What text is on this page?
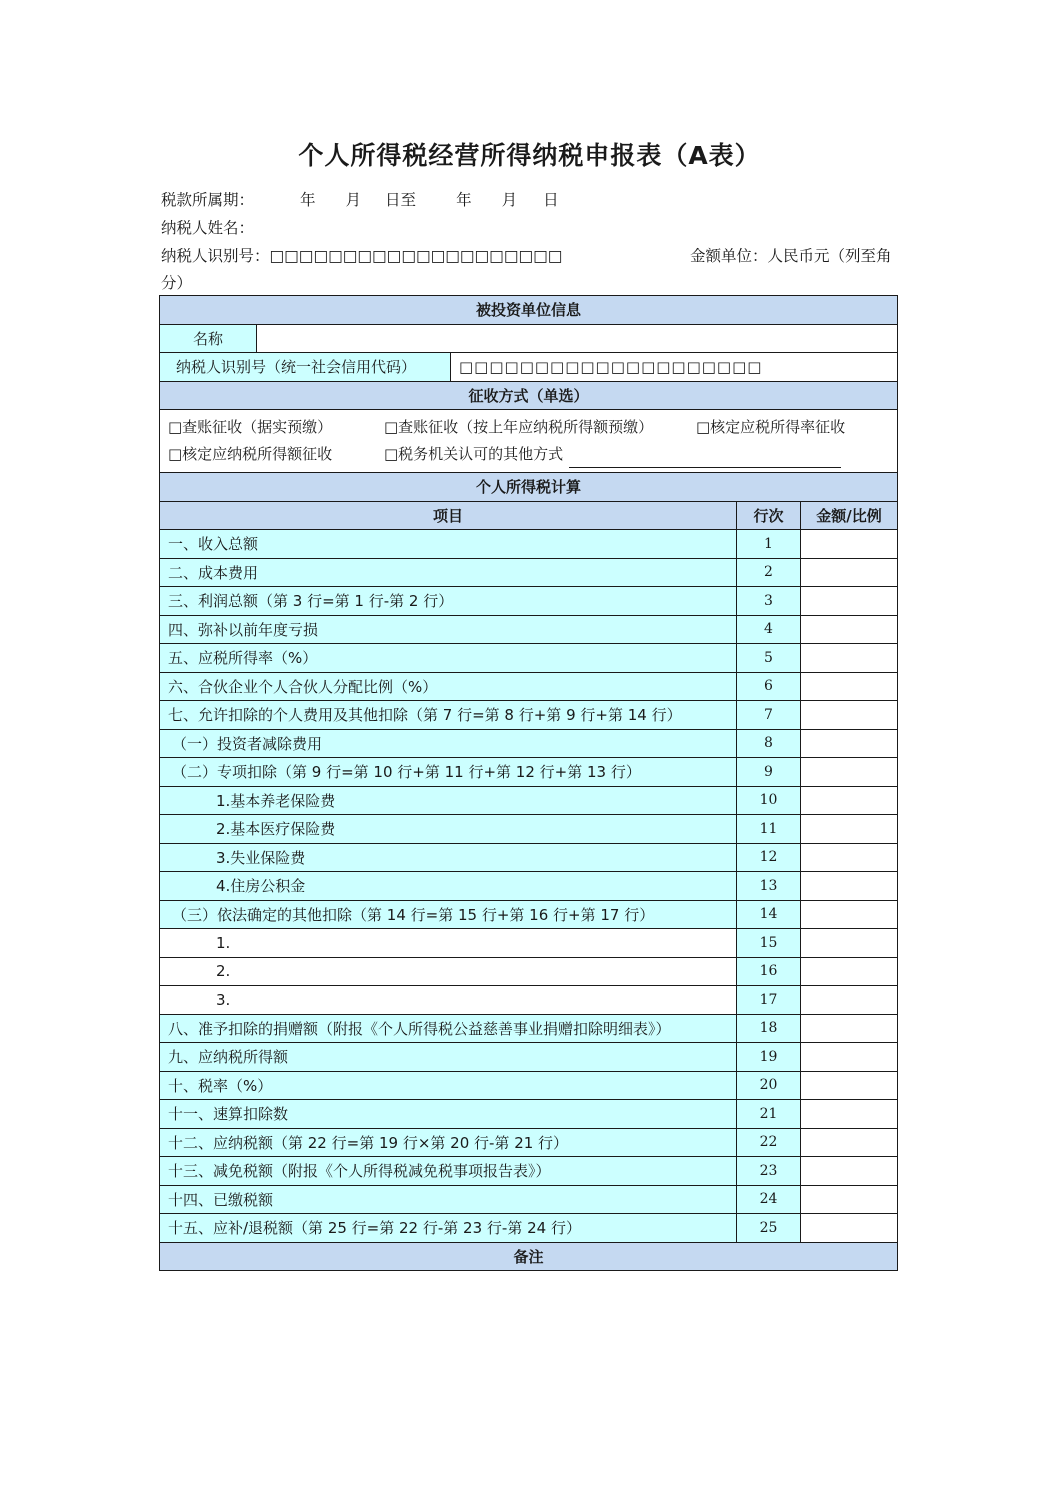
个人所得税经营所得纳税申报表（A表）
税款所属期：	年 月 日至	年 月 日
纳税人姓名：
纳税人识别号：□□□□□□□□□□□□□□□□□□□□	金额单位：人民币元（列至角
分）
被投资单位信息				
名称				
纳税人识别号（统一社会信用代码）		□□□□□□□□□□□□□□□□□□□□		
征收方式（单选）				
□查账征收（据实预缴） □查账征收（按上年应纳税所得额预缴） □核定应税所得率征收
□核定应纳税所得额征收 □税务机关认可的其他方式				
个人所得税计算				
项目			行次	金额/比例
一、收入总额			1	
二、成本费用			2	
三、利润总额（第 3 行=第 1 行-第 2 行）			3	
四、弥补以前年度亏损			4	
五、应税所得率（%）			5	
六、合伙企业个人合伙人分配比例（%）			6	
七、允许扣除的个人费用及其他扣除（第 7 行=第 8 行+第 9 行+第 14 行）			7	
（一）投资者减除费用			8	
（二）专项扣除（第 9 行=第 10 行+第 11 行+第 12 行+第 13 行）			9	
1.基本养老保险费			10	
2.基本医疗保险费			11	
3.失业保险费			12	
4.住房公积金			13	
（三）依法确定的其他扣除（第 14 行=第 15 行+第 16 行+第 17 行）			14	
1.			15	
2.			16	
3.			17	
八、准予扣除的捐赠额（附报《个人所得税公益慈善事业捐赠扣除明细表》）			18	
九、应纳税所得额			19	
十、税率（%）			20	
十一、速算扣除数			21	
十二、应纳税额（第 22 行=第 19 行×第 20 行-第 21 行）			22	
十三、减免税额（附报《个人所得税减免税事项报告表》）			23	
十四、已缴税额			24	
十五、应补/退税额（第 25 行=第 22 行-第 23 行-第 24 行）			25	
备注				
